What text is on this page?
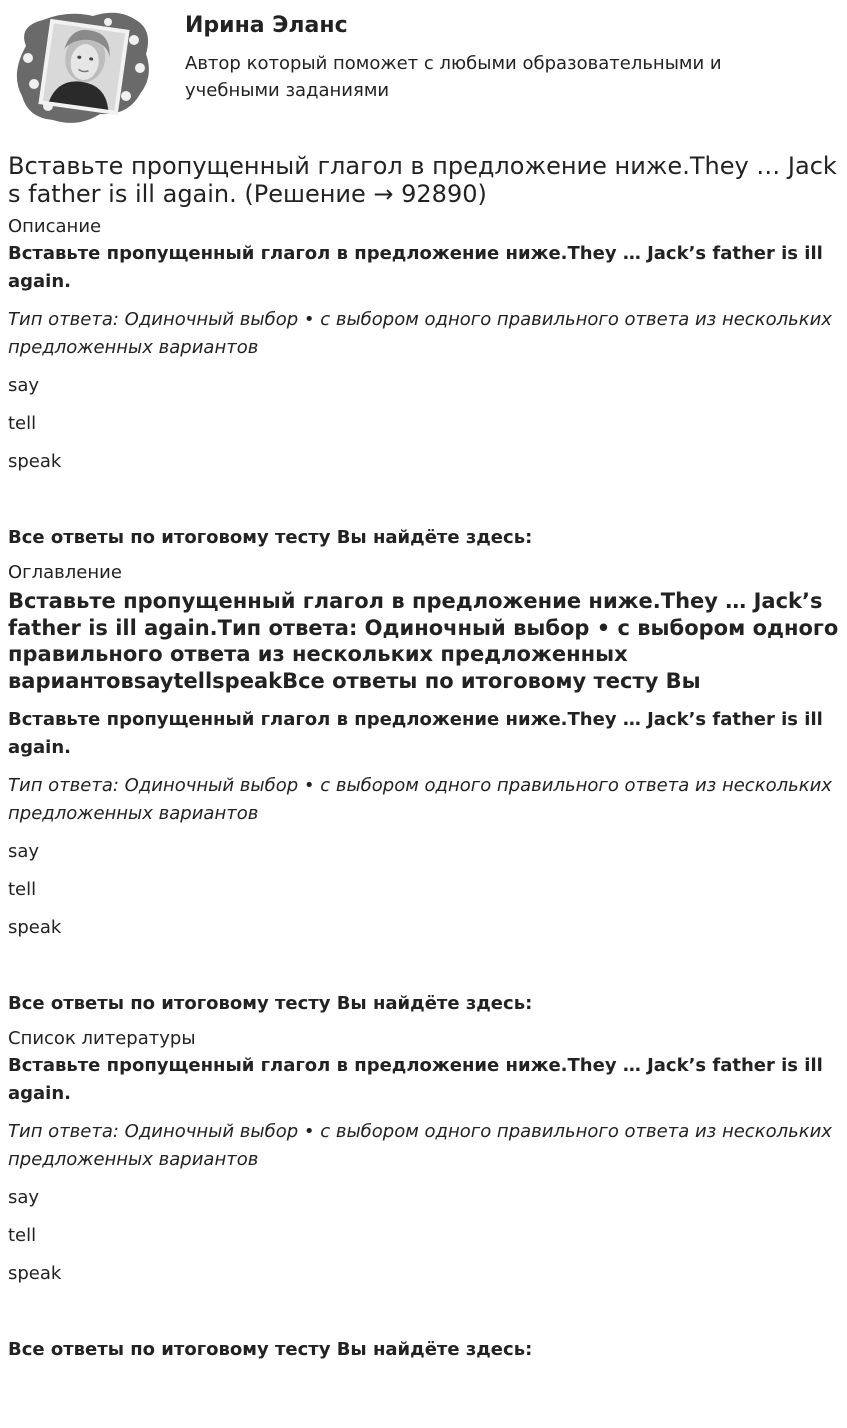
Ирина Эланс
Автор который поможет с любыми образовательными и учебными заданиями
Вставьте пропущенный глагол в предложение ниже.They … Jack s father is ill again. (Решение → 92890)
Описание
Вставьте пропущенный глагол в предложение ниже.They … Jack’s father is ill again.
Тип ответа: Одиночный выбор • с выбором одного правильного ответа из нескольких предложенных вариантов
say
tell
speak
Все ответы по итоговому тесту Вы найдёте здесь:
Оглавление
Вставьте пропущенный глагол в предложение ниже.They … Jack’s father is ill again.Тип ответа: Одиночный выбор • с выбором одного правильного ответа из нескольких предложенных вариантовsaytellspeakВсе ответы по итоговому тесту Вы
Вставьте пропущенный глагол в предложение ниже.They … Jack’s father is ill again.
Тип ответа: Одиночный выбор • с выбором одного правильного ответа из нескольких предложенных вариантов
say
tell
speak
Все ответы по итоговому тесту Вы найдёте здесь:
Список литературы
Вставьте пропущенный глагол в предложение ниже.They … Jack’s father is ill again.
Тип ответа: Одиночный выбор • с выбором одного правильного ответа из нескольких предложенных вариантов
say
tell
speak
Все ответы по итоговому тесту Вы найдёте здесь:
